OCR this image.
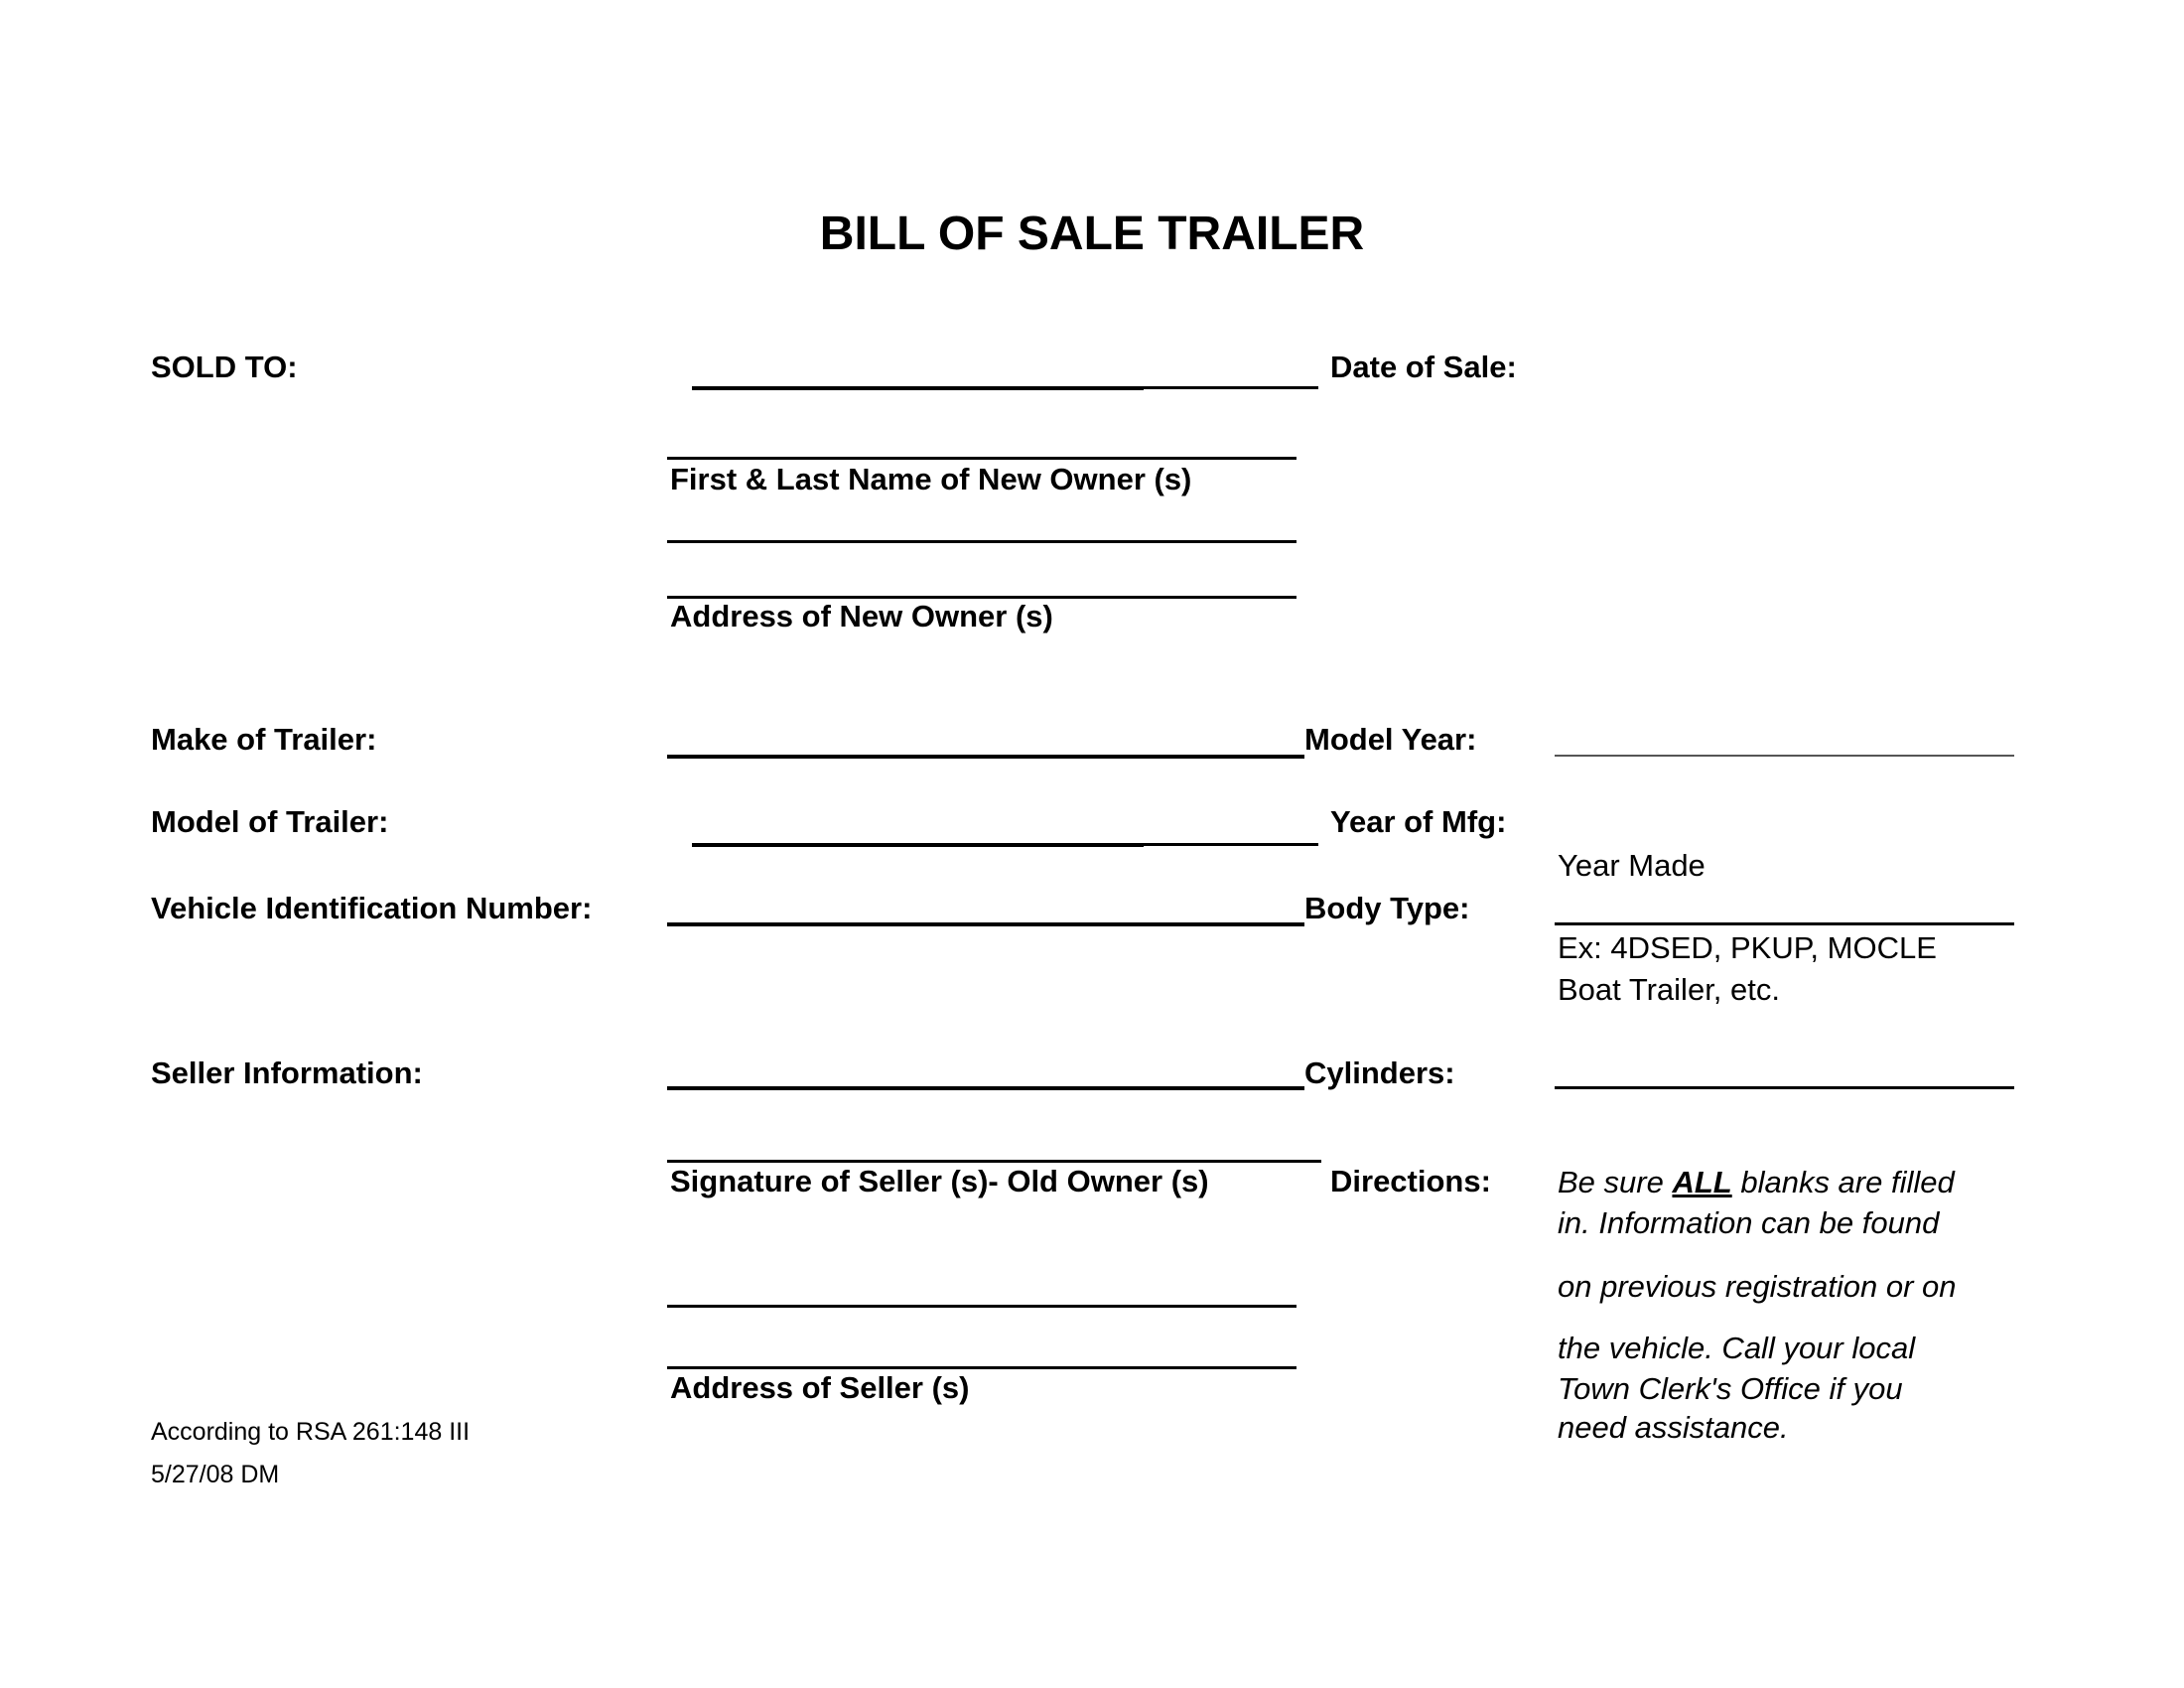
BILL OF SALE TRAILER
SOLD TO:	Date of Sale:
First & Last Name of New Owner (s)
Address of New Owner (s)
Make of Trailer:	Model Year:
Model of Trailer:	Year of Mfg:
Year Made
Vehicle Identification Number:	Body Type:
Ex: 4DSED, PKUP, MOCLE
Boat Trailer, etc.
Seller Information:	Cylinders:
Signature of Seller (s)- Old Owner (s)	Directions: Be sure ALL blanks are filled
in. Information can be found
on previous registration or on
the vehicle. Call your local
Town Clerk's Office if you
need assistance.
Address of Seller (s)
According to RSA 261:148 III
5/27/08 DM
